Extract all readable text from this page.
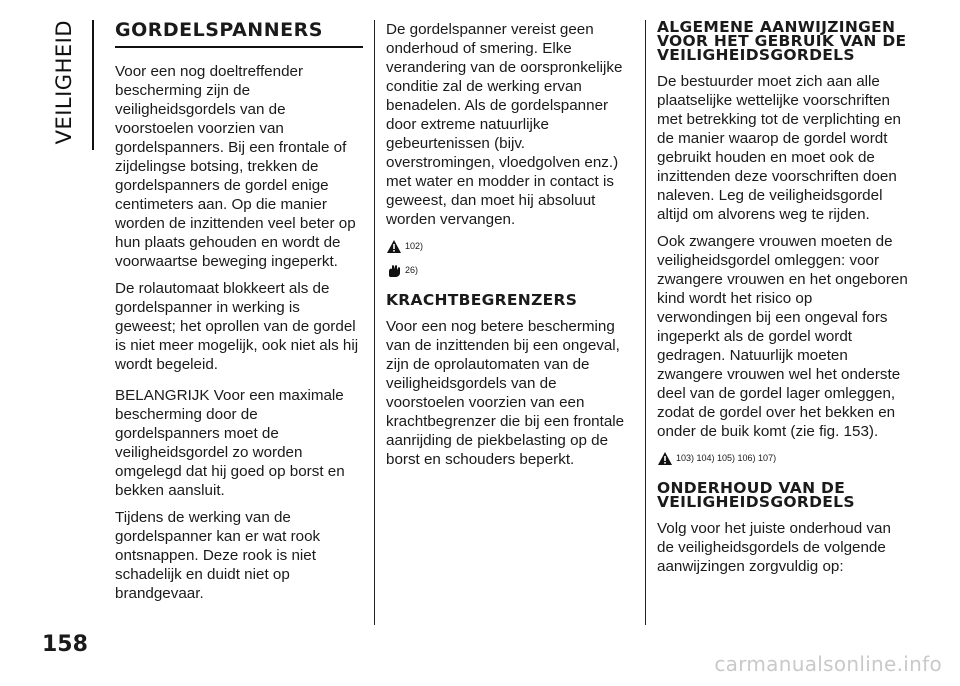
VEILIGHEID GORDELSPANNERS

Voor een nog doeltreffender bescherming zijn de veiligheidsgordels van de voorstoelen voorzien van gordelspanners. Bij een frontale of zijdelingse botsing, trekken de gordelspanners de gordel enige centimeters aan. Op die manier worden de inzittenden veel beter op hun plaats gehouden en wordt de voorwaartse beweging ingeperkt.

De rolautomaat blokkeert als de gordelspanner in werking is geweest; het oprollen van de gordel is niet meer mogelijk, ook niet als hij wordt begeleid.

BELANGRIJK Voor een maximale bescherming door de gordelspanners moet de veiligheidsgordel zo worden omgelegd dat hij goed op borst en bekken aansluit.

Tijdens de werking van de gordelspanner kan er wat rook ontsnappen. Deze rook is niet schadelijk en duidt niet op brandgevaar.

De gordelspanner vereist geen onderhoud of smering. Elke verandering van de oorspronkelijke conditie zal de werking ervan benadelen. Als de gordelspanner door extreme natuurlijke gebeurtenissen (bijv. overstromingen, vloedgolven enz.) met water en modder in contact is geweest, dan moet hij absoluut worden vervangen.

102)
26)
KRACHTBEGRENZERS

Voor een nog betere bescherming van de inzittenden bij een ongeval, zijn de oprolautomaten van de veiligheidsgordels van de voorstoelen voorzien van een krachtbegrenzer die bij een frontale aanrijding de piekbelasting op de borst en schouders beperkt.

ALGEMENE AANWIJZINGEN VOOR HET GEBRUIK VAN DE VEILIGHEIDSGORDELS

De bestuurder moet zich aan alle plaatselijke wettelijke voorschriften met betrekking tot de verplichting en de manier waarop de gordel wordt gebruikt houden en moet ook de inzittenden deze voorschriften doen naleven. Leg de veiligheidsgordel altijd om alvorens weg te rijden.

Ook zwangere vrouwen moeten de veiligheidsgordel omleggen: voor zwangere vrouwen en het ongeboren kind wordt het risico op verwondingen bij een ongeval fors ingeperkt als de gordel wordt gedragen. Natuurlijk moeten zwangere vrouwen wel het onderste deel van de gordel lager omleggen, zodat de gordel over het bekken en onder de buik komt (zie fig. 153).

103) 104) 105) 106) 107)
ONDERHOUD VAN DE VEILIGHEIDSGORDELS

Volg voor het juiste onderhoud van de veiligheidsgordels de volgende aanwijzingen zorgvuldig op:

158
carmanualsonline.info
